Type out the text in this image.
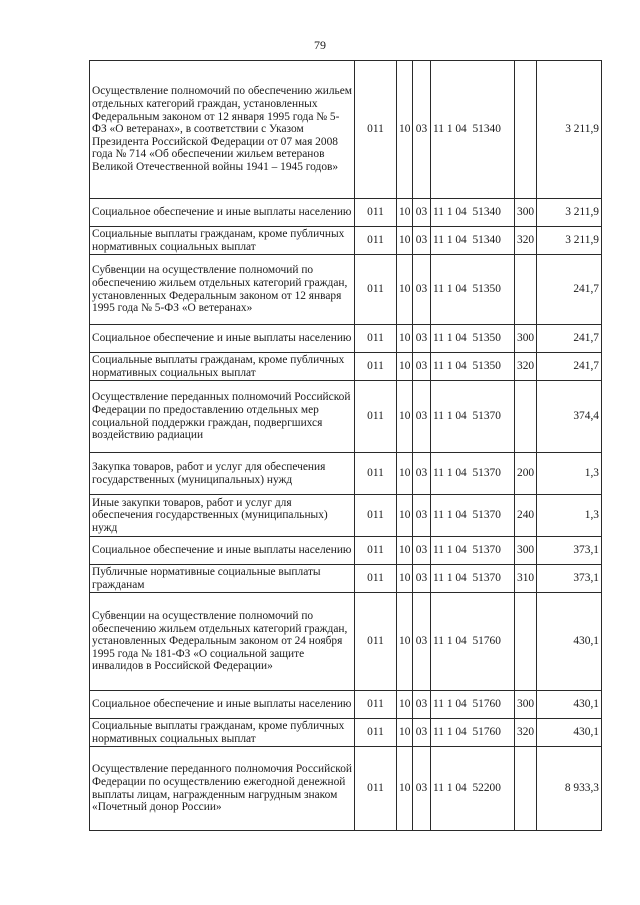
79
Осуществление полномочий по обеспечению жильем отдельных категорий граждан, установленных Федеральным законом от 12 января 1995 года № 5-ФЗ «О ветеранах», в соответствии с Указом Президента Российской Федерации от 07 мая 2008 года № 714 «Об обеспечении жильем ветеранов Великой Отечественной войны 1941 – 1945 годов»	011	10	03	11 1 04  51340		3 211,9
Социальное обеспечение и иные выплаты населению	011	10	03	11 1 04  51340	300	3 211,9
Социальные выплаты гражданам, кроме публичных нормативных социальных выплат	011	10	03	11 1 04  51340	320	3 211,9
Субвенции на осуществление полномочий по обеспечению жильем отдельных категорий граждан, установленных Федеральным законом от 12 января 1995 года № 5-ФЗ «О ветеранах»	011	10	03	11 1 04  51350		241,7
Социальное обеспечение и иные выплаты населению	011	10	03	11 1 04  51350	300	241,7
Социальные выплаты гражданам, кроме публичных нормативных социальных выплат	011	10	03	11 1 04  51350	320	241,7
Осуществление переданных полномочий Российской Федерации по предоставлению отдельных мер социальной поддержки граждан, подвергшихся воздействию радиации	011	10	03	11 1 04  51370		374,4
Закупка товаров, работ и услуг для обеспечения государственных (муниципальных) нужд	011	10	03	11 1 04  51370	200	1,3
Иные закупки товаров, работ и услуг для обеспечения государственных (муниципальных) нужд	011	10	03	11 1 04  51370	240	1,3
Социальное обеспечение и иные выплаты населению	011	10	03	11 1 04  51370	300	373,1
Публичные нормативные социальные выплаты гражданам	011	10	03	11 1 04  51370	310	373,1
Субвенции на осуществление полномочий по обеспечению жильем отдельных категорий граждан, установленных Федеральным законом от 24 ноября 1995 года № 181-ФЗ «О социальной защите инвалидов в Российской Федерации»	011	10	03	11 1 04  51760		430,1
Социальное обеспечение и иные выплаты населению	011	10	03	11 1 04  51760	300	430,1
Социальные выплаты гражданам, кроме публичных нормативных социальных выплат	011	10	03	11 1 04  51760	320	430,1
Осуществление переданного полномочия Российской Федерации по осуществлению ежегодной денежной выплаты лицам, награжденным нагрудным знаком «Почетный донор России»	011	10	03	11 1 04  52200		8 933,3
